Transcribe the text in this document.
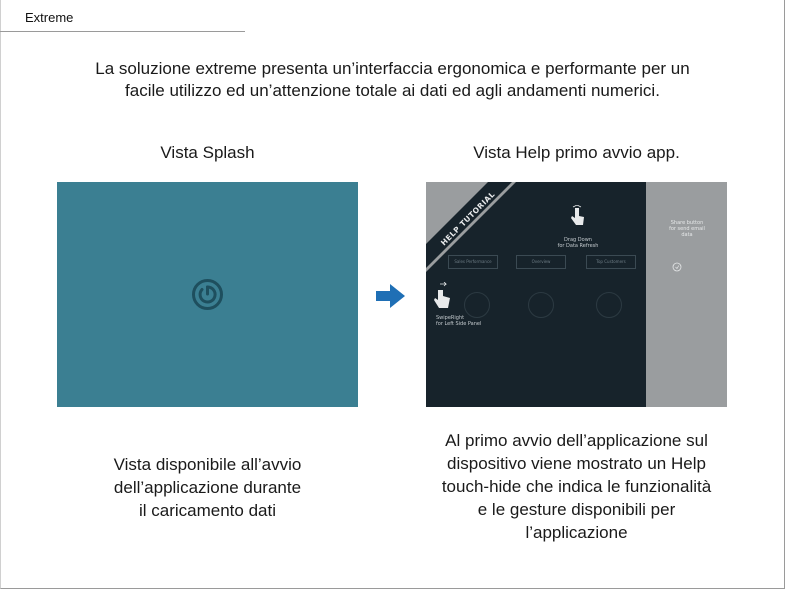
Extreme
La soluzione extreme presenta un’interfaccia ergonomica e performante per un
facile utilizzo ed un’attenzione totale ai dati ed agli andamenti numerici.
Vista Splash	Vista Help primo avvio app.
HELP TUTORIAL	Share button
for send email
data
Drag Down
for Data Refresh
Sales Performance	Overview	Top Customers
SwipeRight
for Left Side Panel
Vista disponibile all’avvio
dell’applicazione durante
il caricamento dati
Al primo avvio dell’applicazione sul
dispositivo viene mostrato un Help
touch-hide che indica le funzionalità
e le gesture disponibili per
l’applicazione
